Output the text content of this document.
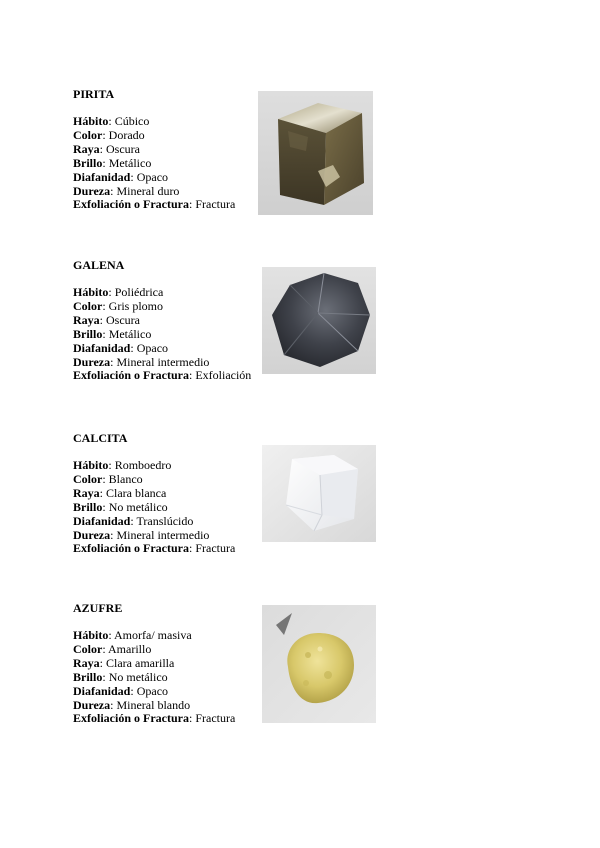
PIRITA
Hábito: Cúbico
Color: Dorado
Raya: Oscura
Brillo: Metálico
Diafanidad: Opaco
Dureza: Mineral duro
Exfoliación o Fractura: Fractura
GALENA
Hábito: Poliédrica
Color: Gris plomo
Raya: Oscura
Brillo: Metálico
Diafanidad: Opaco
Dureza: Mineral intermedio
Exfoliación o Fractura: Exfoliación
CALCITA
Hábito: Romboedro
Color: Blanco
Raya: Clara blanca
Brillo: No metálico
Diafanidad: Translúcido
Dureza: Mineral intermedio
Exfoliación o Fractura: Fractura
AZUFRE
Hábito: Amorfa/ masiva
Color: Amarillo
Raya: Clara amarilla
Brillo: No metálico
Diafanidad: Opaco
Dureza: Mineral blando
Exfoliación o Fractura: Fractura
